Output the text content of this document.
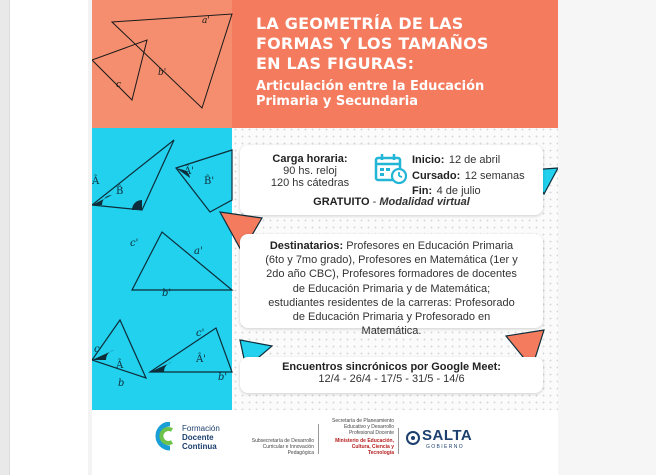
a'
b'
c
Â
B̂
Â'
B̂'
c'
a'
b'
c
Â
b
c'
Â'
b'
LA GEOMETRÍA DE LAS
FORMAS Y LOS TAMAÑOS
EN LAS FIGURAS:
Articulación entre la Educación
Primaria y Secundaria
Carga horaria:
90 hs. reloj
120 hs cátedras
Inicio: 12 de abril
Cursado: 12 semanas
Fin: 4 de julio
GRATUITO - Modalidad virtual
Destinatarios: Profesores en Educación Primaria
(6to y 7mo grado), Profesores en Matemática (1er y
2do año CBC), Profesores formadores de docentes
de Educación Primaria y de Matemática;
estudiantes residentes de la carreras: Profesorado
de Educación Primaria y Profesorado en
Matemática.
Encuentros sincrónicos por Google Meet:
12/4 - 26/4 - 17/5 - 31/5 - 14/6
Formación
Docente
Continua
Subsecretaría de Desarrollo Curricular e Innovación Pedagógica
Secretaría de Planeamiento Educativo y Desarrollo Profesional Docente
Ministerio de Educación, Cultura, Ciencia y Tecnología
SALTA
G O B I E R N O
